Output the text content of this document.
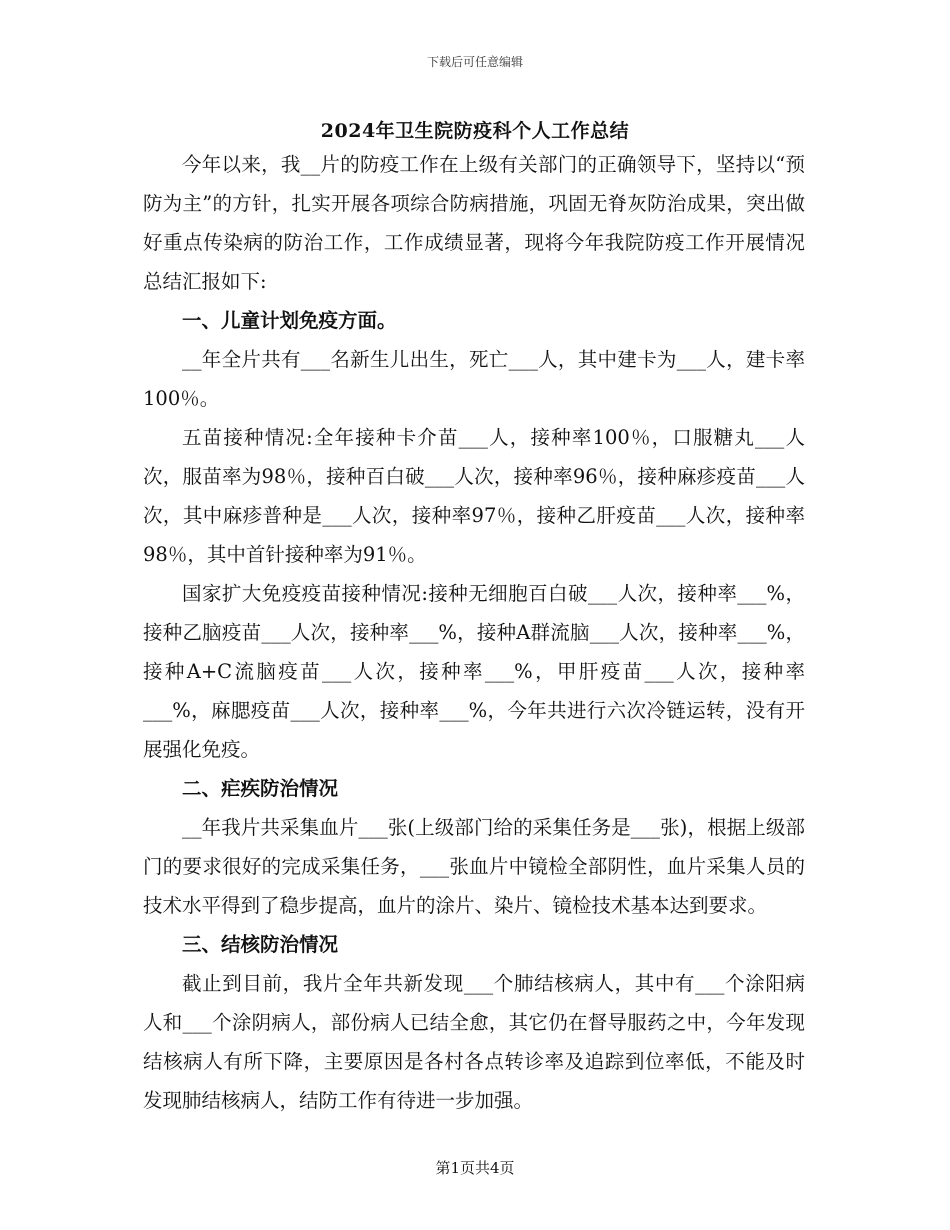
下载后可任意编辑
2024年卫生院防疫科个人工作总结

今年以来，我__片的防疫工作在上级有关部门的正确领导下，坚持以“预防为主”的方针，扎实开展各项综合防病措施，巩固无脊灰防治成果，突出做好重点传染病的防治工作，工作成绩显著，现将今年我院防疫工作开展情况总结汇报如下:

一、儿童计划免疫方面。

__年全片共有___名新生儿出生，死亡___人，其中建卡为___人，建卡率100％。

五苗接种情况:全年接种卡介苗___人，接种率100％，口服糖丸___人次，服苗率为98％，接种百白破___人次，接种率96％，接种麻疹疫苗___人次，其中麻疹普种是___人次，接种率97％，接种乙肝疫苗___人次，接种率98％，其中首针接种率为91％。

国家扩大免疫疫苗接种情况:接种无细胞百白破___人次，接种率___%，接种乙脑疫苗___人次，接种率___%，接种A群流脑___人次，接种率___%，接种A+C流脑疫苗___人次，接种率___%，甲肝疫苗___人次，接种率___%，麻腮疫苗___人次，接种率___%，今年共进行六次冷链运转，没有开展强化免疫。

二、疟疾防治情况

__年我片共采集血片___张(上级部门给的采集任务是___张)，根据上级部门的要求很好的完成采集任务，___张血片中镜检全部阴性，血片采集人员的技术水平得到了稳步提高，血片的涂片、染片、镜检技术基本达到要求。

三、结核防治情况

截止到目前，我片全年共新发现___个肺结核病人，其中有___个涂阳病人和___个涂阴病人，部份病人已结全愈，其它仍在督导服药之中，今年发现结核病人有所下降，主要原因是各村各点转诊率及追踪到位率低，不能及时发现肺结核病人，结防工作有待进一步加强。

第1页共4页
